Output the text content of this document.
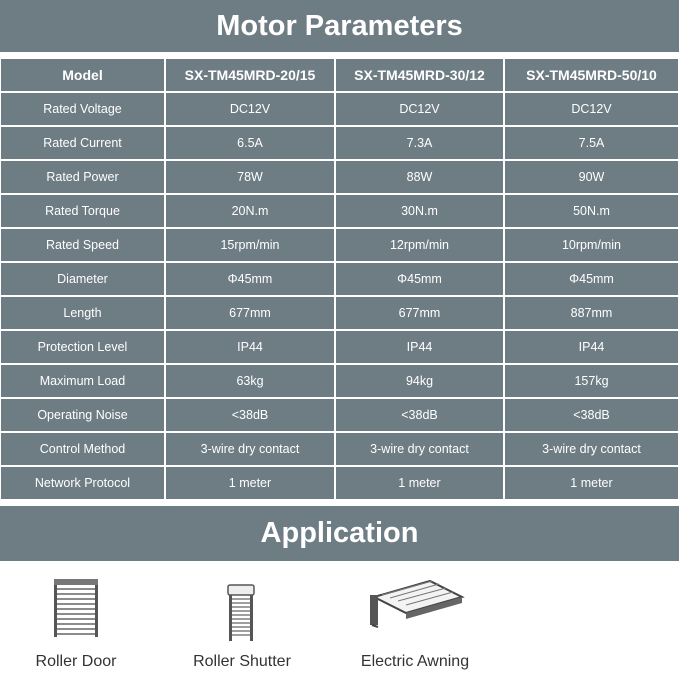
Motor Parameters
Model	SX-TM45MRD-20/15	SX-TM45MRD-30/12	SX-TM45MRD-50/10
Rated Voltage	DC12V	DC12V	DC12V
Rated Current	6.5A	7.3A	7.5A
Rated Power	78W	88W	90W
Rated Torque	20N.m	30N.m	50N.m
Rated Speed	15rpm/min	12rpm/min	10rpm/min
Diameter	Φ45mm	Φ45mm	Φ45mm
Length	677mm	677mm	887mm
Protection Level	IP44	IP44	IP44
Maximum Load	63kg	94kg	157kg
Operating Noise	<38dB	<38dB	<38dB
Control Method	3-wire dry contact	3-wire dry contact	3-wire dry contact
Network Protocol	1 meter	1 meter	1 meter
Application
Roller Door	Roller Shutter	Electric Awning
